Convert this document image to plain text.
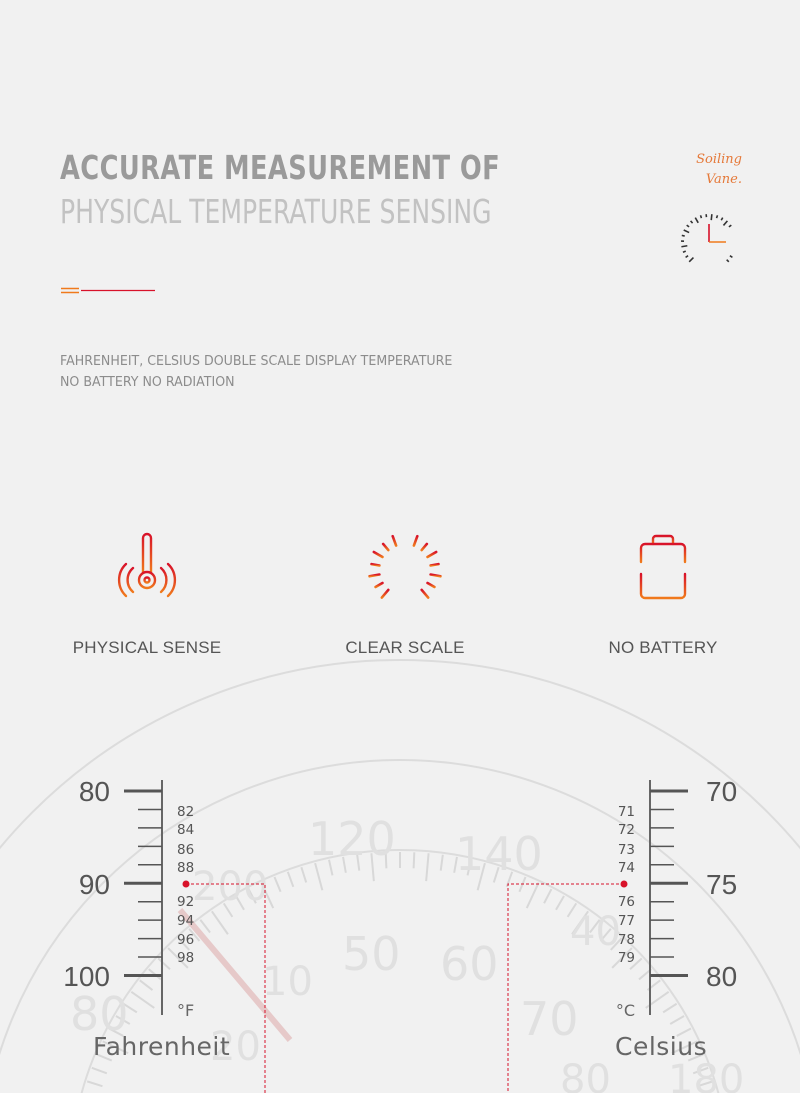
120 140
50 60
80	70
10
180
200
80
40
20
ACCURATE MEASUREMENT OF
PHYSICAL TEMPERATURE SENSING
Soiling
Vane.
FAHRENHEIT, CELSIUS DOUBLE SCALE DISPLAY TEMPERATURE
NO BATTERY NO RADIATION
PHYSICAL SENSE	CLEAR SCALE	NO BATTERY
80
90
100
82
84
86
88
92
94
96
98
°F
Fahrenheit
70
75
80
71
72
73
74
76
77
78
79
°C
Celsius
